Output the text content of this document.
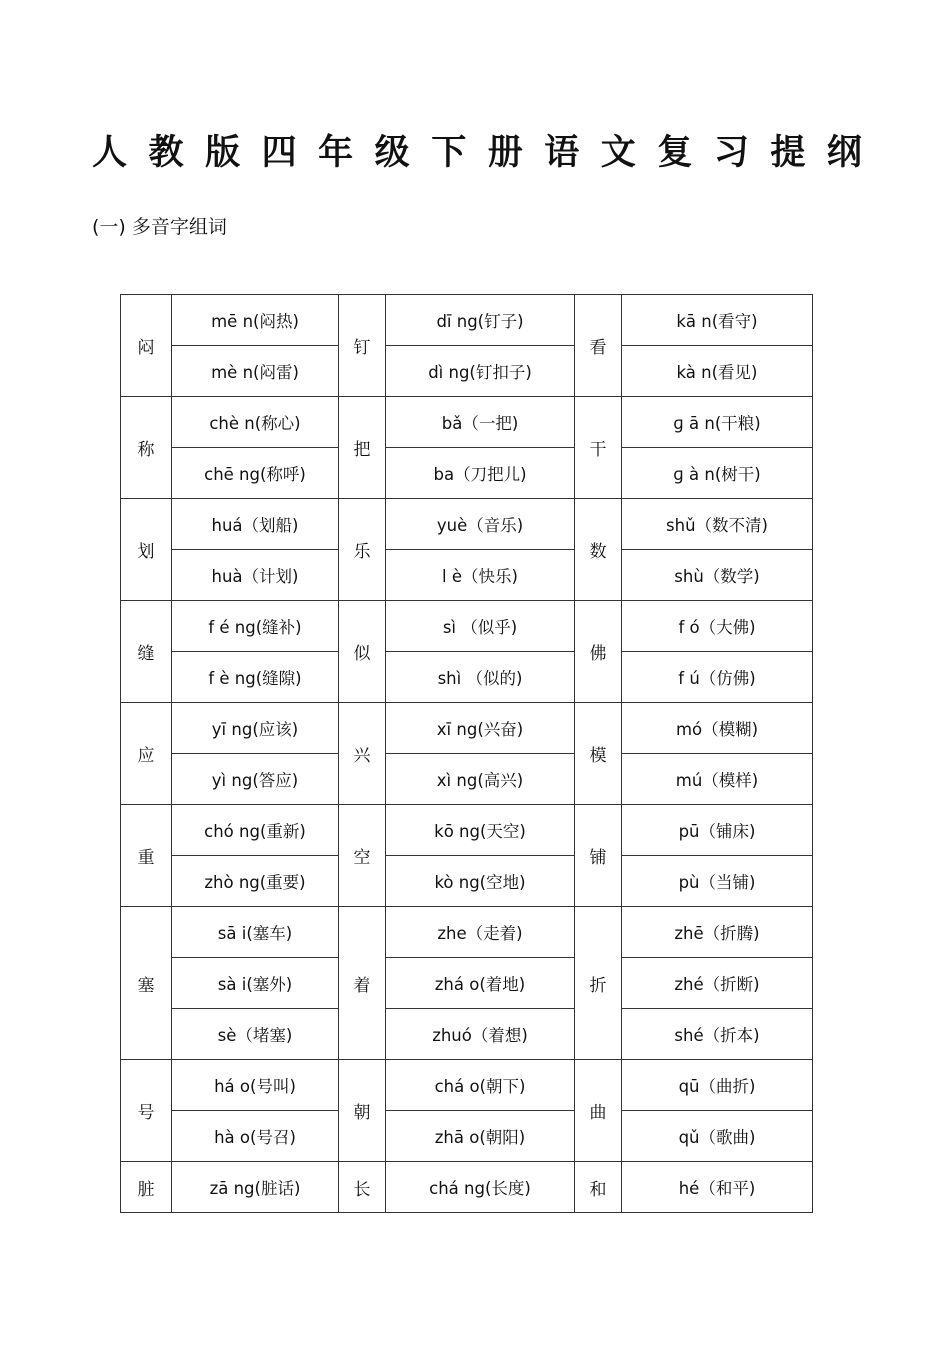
人 教 版 四 年 级 下 册 语 文 复 习 提 纲
(一) 多音字组词
闷	mē n(闷热)	钉	dī ng(钉子)	看	kā n(看守)
	mè n(闷雷)		dì ng(钉扣子)		kà n(看见)
称	chè n(称心)	把	bǎ（一把)	干	ɡ ā n(干粮)
	chē ng(称呼)		ba（刀把儿)		ɡ à n(树干)
划	huá（划船)	乐	yuè（音乐)	数	shǔ（数不清)
	huà（计划)		l è（快乐)		shù（数学)
缝	f é ng(缝补)	似	sì （似乎)	佛	f ó（大佛)
	f è ng(缝隙)		shì （似的)		f ú（仿佛)
应	yī ng(应该)	兴	xī ng(兴奋)	模	mó（模糊)
	yì ng(答应)		xì ng(高兴)		mú（模样)
重	chó ng(重新)	空	kō ng(天空)	铺	pū（铺床)
	zhò ng(重要)		kò ng(空地)		pù（当铺)
塞	sā i(塞车)	着	zhe（走着)	折	zhē（折腾)
	sà i(塞外)		zhá o(着地)		zhé（折断)
	sè（堵塞)		zhuó（着想)		shé（折本)
号	há o(号叫)	朝	chá o(朝下)	曲	qū（曲折)
	hà o(号召)		zhā o(朝阳)		qǔ（歌曲)
脏	zā ng(脏话)	长	chá ng(长度)	和	hé（和平)
